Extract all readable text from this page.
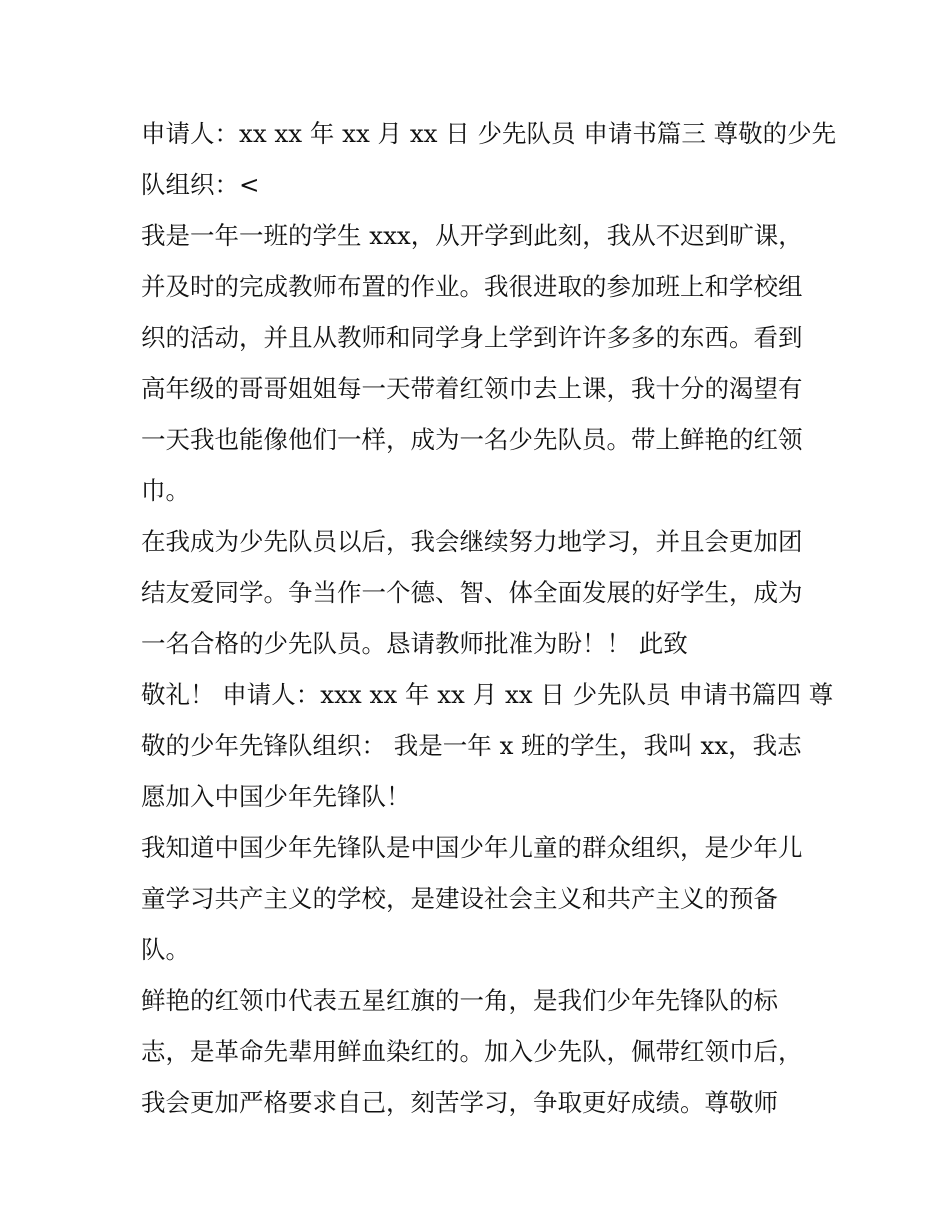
申请人：xx xx 年 xx 月 xx 日 少先队员 申请书篇三 尊敬的少先
队组织：<
我是一年一班的学生 xxx，从开学到此刻，我从不迟到旷课，
并及时的完成教师布置的作业。我很进取的参加班上和学校组
织的活动，并且从教师和同学身上学到许许多多的东西。看到
高年级的哥哥姐姐每一天带着红领巾去上课，我十分的渴望有
一天我也能像他们一样，成为一名少先队员。带上鲜艳的红领
巾。
在我成为少先队员以后，我会继续努力地学习，并且会更加团
结友爱同学。争当作一个德、智、体全面发展的好学生，成为
一名合格的少先队员。恳请教师批准为盼！！ 此致
敬礼！ 申请人：xxx xx 年 xx 月 xx 日 少先队员 申请书篇四 尊
敬的少年先锋队组织： 我是一年 x 班的学生，我叫 xx，我志
愿加入中国少年先锋队！
我知道中国少年先锋队是中国少年儿童的群众组织，是少年儿
童学习共产主义的学校，是建设社会主义和共产主义的预备
队。
鲜艳的红领巾代表五星红旗的一角，是我们少年先锋队的标
志，是革命先辈用鲜血染红的。加入少先队，佩带红领巾后，
我会更加严格要求自己，刻苦学习，争取更好成绩。尊敬师
